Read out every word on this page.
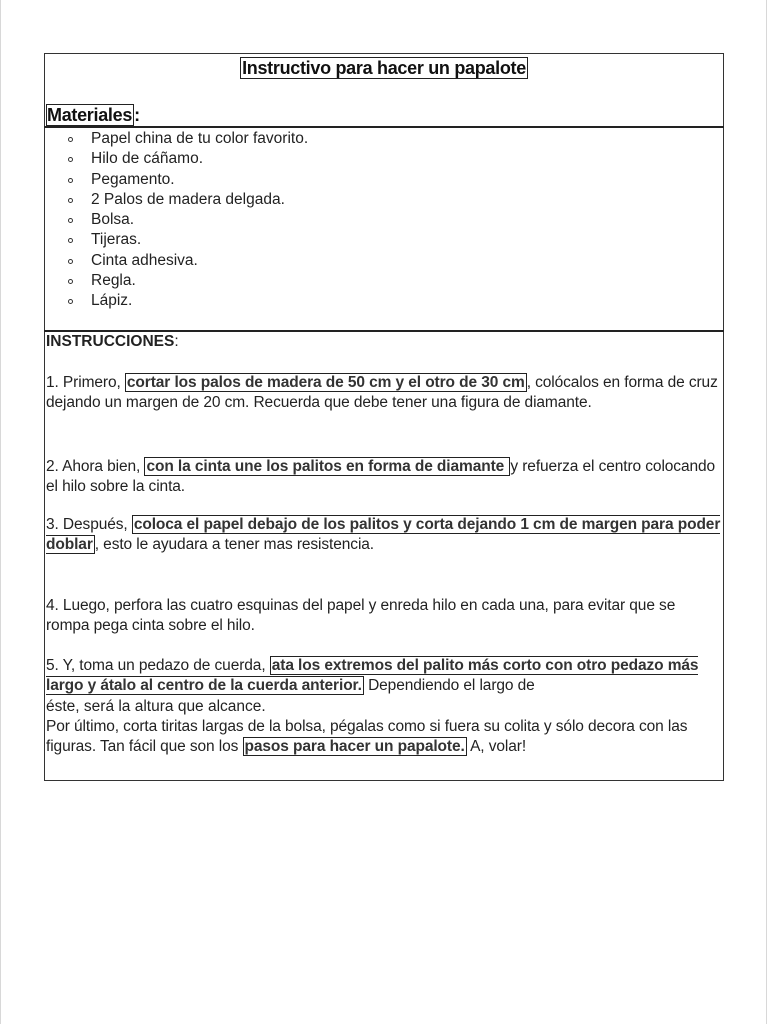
Instructivo para hacer un papalote
Materiales :
Papel china de tu color favorito.
Hilo de cáñamo.
Pegamento.
2 Palos de madera delgada.
Bolsa.
Tijeras.
Cinta adhesiva.
Regla.
Lápiz.
INSTRUCCIONES:
1. Primero, cortar los palos de madera de 50 cm y el otro de 30 cm , colócalos en forma de cruz dejando un margen de 20 cm. Recuerda que debe tener una figura de diamante.
2. Ahora bien, con la cinta une los palitos en forma de diamante y refuerza el centro colocando el hilo sobre la cinta.
3. Después, coloca el papel debajo de los palitos y corta dejando 1 cm de margen para poder doblar , esto le ayudara a tener mas resistencia.
4. Luego, perfora las cuatro esquinas del papel y enreda hilo en cada una, para evitar que se rompa pega cinta sobre el hilo.
5. Y, toma un pedazo de cuerda, ata los extremos del palito más corto con otro pedazo más largo y átalo al centro de la cuerda anterior. Dependiendo el largo de
éste, será la altura que alcance.
Por último, corta tiritas largas de la bolsa, pégalas como si fuera su colita y sólo decora con las figuras. Tan fácil que son los pasos para hacer un papalote. A, volar!
